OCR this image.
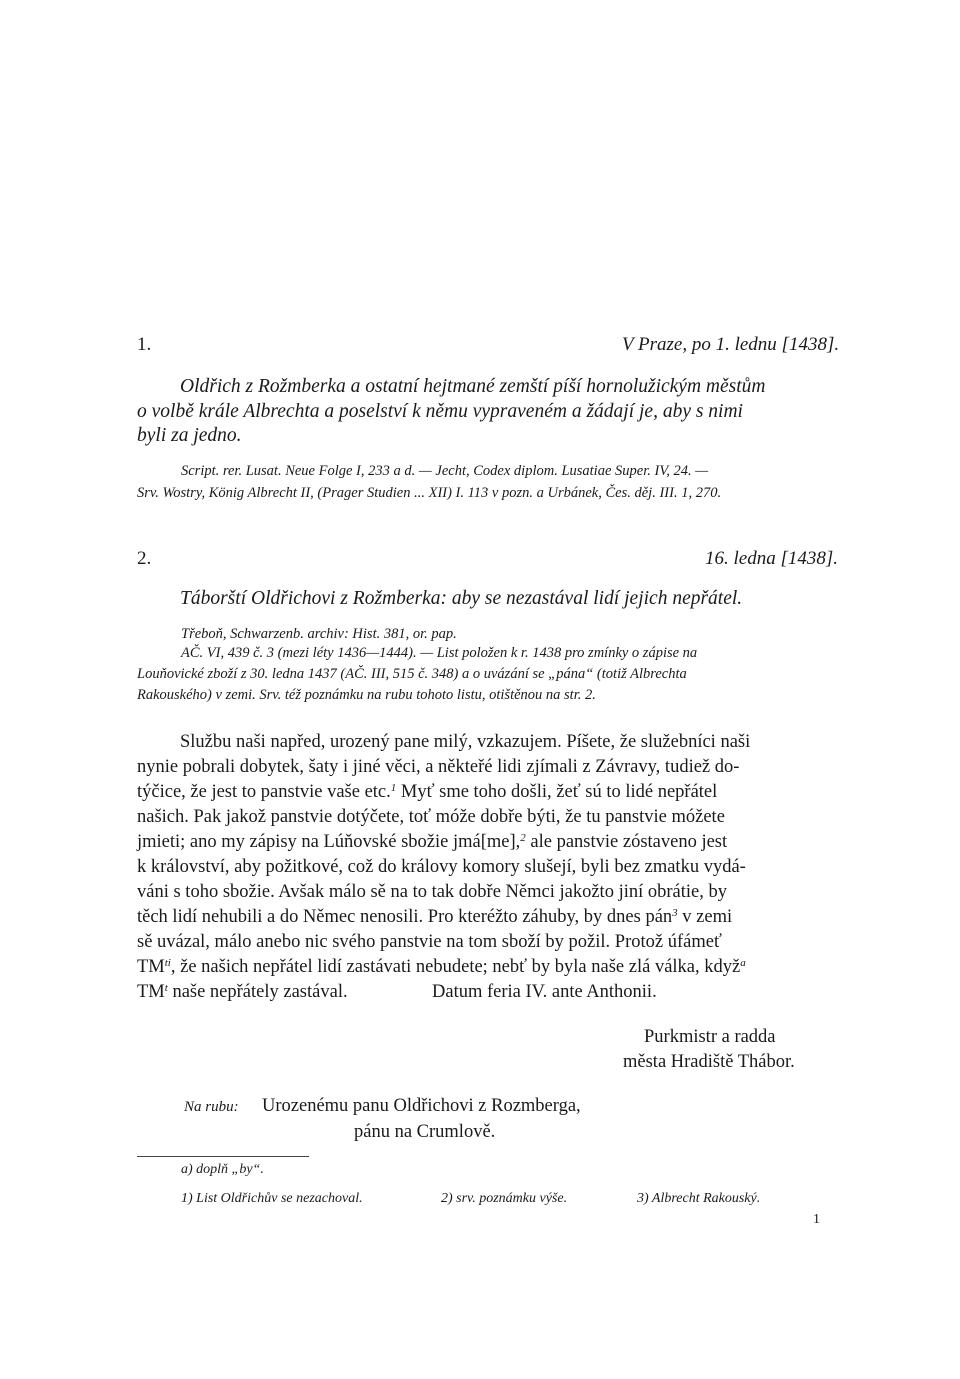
1.	V Praze, po 1. lednu [1438].
Oldřich z Rožmberka a ostatní hejtmané zemští píší hornolužickým městům
o volbě krále Albrechta a poselství k němu vypraveném a žádají je, aby s nimi
byli za jedno.
Script. rer. Lusat. Neue Folge I, 233 a d. — Jecht, Codex diplom. Lusatiae Super. IV, 24. —
Srv. Wostry, König Albrecht II, (Prager Studien ... XII) I. 113 v pozn. a Urbánek, Čes. děj. III. 1, 270.
2.	16. ledna [1438].
Táborští Oldřichovi z Rožmberka: aby se nezastával lidí jejich nepřátel.
Třeboň, Schwarzenb. archiv: Hist. 381, or. pap.
AČ. VI, 439 č. 3 (mezi léty 1436—1444). — List položen k r. 1438 pro zmínky o zápise na
Louňovické zboží z 30. ledna 1437 (AČ. III, 515 č. 348) a o uvázání se „pána“ (totiž Albrechta
Rakouského) v zemi. Srv. též poznámku na rubu tohoto listu, otištěnou na str. 2.
Službu naši napřed, urozený pane milý, vzkazujem. Píšete, že služebníci naši
nynie pobrali dobytek, šaty i jiné věci, a někteřé lidi zjímali z Závravy, tudiež do-
týčice, že jest to panstvie vaše etc.$^1$ Myť sme toho došli, žeť sú to lidé nepřátel
našich. Pak jakož panstvie dotýčete, toť móže dobře býti, že tu panstvie móžete
jmieti; ano my zápisy na Lúňovské sbožie jmá[me],$^2$ ale panstvie zóstaveno jest
k království, aby požitkové, což do královy komory slušejí, byli bez zmatku vydá-
váni s toho sbožie. Avšak málo sě na to tak dobře Němci jakožto jiní obrátie, by
těch lidí nehubili a do Němec nenosili. Pro kteréžto záhuby, by dnes pán$^3$ v zemi
sě uvázal, málo anebo nic svého panstvie na tom sboží by požil. Protož úfámeť
$TM^{ti}$, že našich nepřátel lidí zastávati nebudete; nebť by byla naše zlá válka, když$^a$
$TM^t$ naše nepřátely zastával.	Datum feria IV. ante Anthonii.
Purkmistr a radda
města Hradiště Thábor.
Na rubu: Urozenému panu Oldřichovi z Rozmberga,
pánu na Crumlově.
a) doplň „by“.
1) List Oldřichův se nezachoval.	2) srv. poznámku výše.	3) Albrecht Rakouský.
1
